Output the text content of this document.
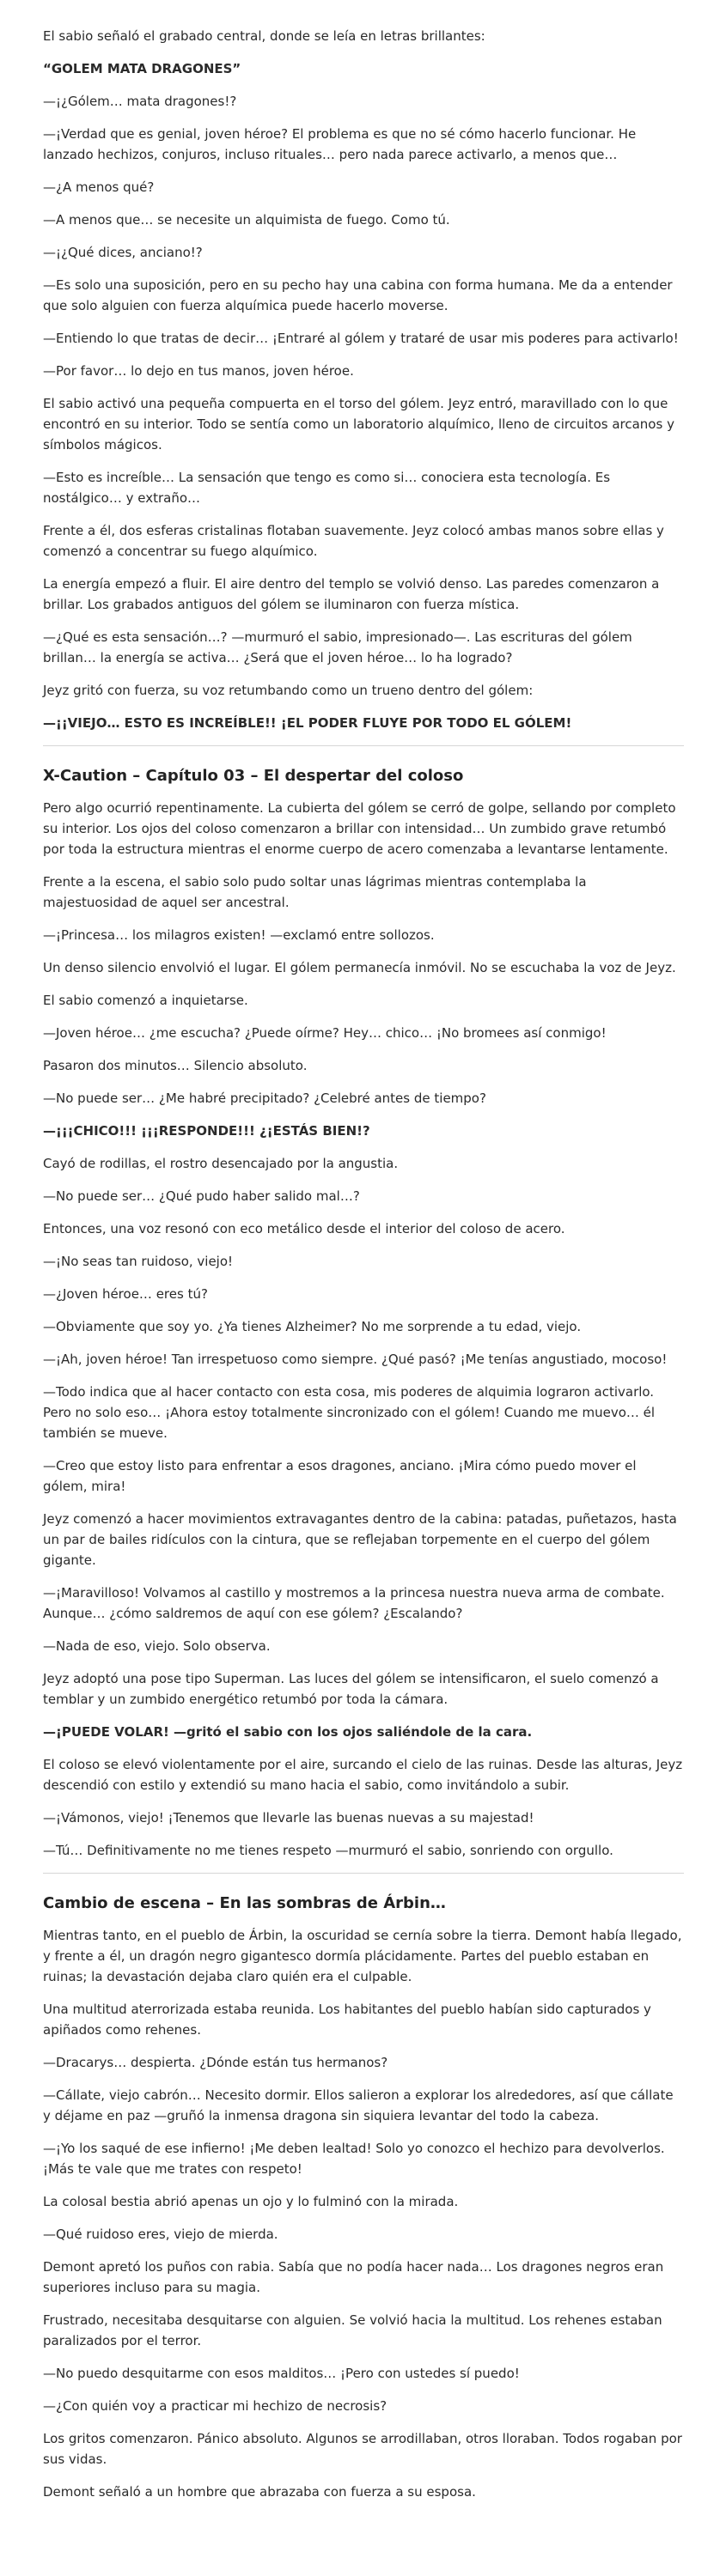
El sabio señaló el grabado central, donde se leía en letras brillantes:

“GOLEM MATA DRAGONES”

—¡¿Gólem… mata dragones!?

—¡Verdad que es genial, joven héroe? El problema es que no sé cómo hacerlo funcionar. He lanzado hechizos, conjuros, incluso rituales… pero nada parece activarlo, a menos que…

—¿A menos qué?

—A menos que… se necesite un alquimista de fuego. Como tú.

—¡¿Qué dices, anciano!?

—Es solo una suposición, pero en su pecho hay una cabina con forma humana. Me da a entender que solo alguien con fuerza alquímica puede hacerlo moverse.

—Entiendo lo que tratas de decir… ¡Entraré al gólem y trataré de usar mis poderes para activarlo!

—Por favor… lo dejo en tus manos, joven héroe.

El sabio activó una pequeña compuerta en el torso del gólem. Jeyz entró, maravillado con lo que encontró en su interior. Todo se sentía como un laboratorio alquímico, lleno de circuitos arcanos y símbolos mágicos.

—Esto es increíble… La sensación que tengo es como si… conociera esta tecnología. Es nostálgico… y extraño…

Frente a él, dos esferas cristalinas flotaban suavemente. Jeyz colocó ambas manos sobre ellas y comenzó a concentrar su fuego alquímico.

La energía empezó a fluir. El aire dentro del templo se volvió denso. Las paredes comenzaron a brillar. Los grabados antiguos del gólem se iluminaron con fuerza mística.

—¿Qué es esta sensación…? —murmuró el sabio, impresionado—. Las escrituras del gólem brillan… la energía se activa… ¿Será que el joven héroe… lo ha logrado?

Jeyz gritó con fuerza, su voz retumbando como un trueno dentro del gólem:

—¡¡VIEJO… ESTO ES INCREÍBLE!! ¡EL PODER FLUYE POR TODO EL GÓLEM!

X-Caution – Capítulo 03 – El despertar del coloso

Pero algo ocurrió repentinamente. La cubierta del gólem se cerró de golpe, sellando por completo su interior. Los ojos del coloso comenzaron a brillar con intensidad… Un zumbido grave retumbó por toda la estructura mientras el enorme cuerpo de acero comenzaba a levantarse lentamente.

Frente a la escena, el sabio solo pudo soltar unas lágrimas mientras contemplaba la majestuosidad de aquel ser ancestral.

—¡Princesa… los milagros existen! —exclamó entre sollozos.

Un denso silencio envolvió el lugar. El gólem permanecía inmóvil. No se escuchaba la voz de Jeyz.

El sabio comenzó a inquietarse.

—Joven héroe… ¿me escucha? ¿Puede oírme? Hey… chico… ¡No bromees así conmigo!

Pasaron dos minutos… Silencio absoluto.

—No puede ser… ¿Me habré precipitado? ¿Celebré antes de tiempo?

—¡¡¡CHICO!!! ¡¡¡RESPONDE!!! ¿¡ESTÁS BIEN!?

Cayó de rodillas, el rostro desencajado por la angustia.

—No puede ser… ¿Qué pudo haber salido mal…?

Entonces, una voz resonó con eco metálico desde el interior del coloso de acero.

—¡No seas tan ruidoso, viejo!

—¿Joven héroe… eres tú?

—Obviamente que soy yo. ¿Ya tienes Alzheimer? No me sorprende a tu edad, viejo.

—¡Ah, joven héroe! Tan irrespetuoso como siempre. ¿Qué pasó? ¡Me tenías angustiado, mocoso!

—Todo indica que al hacer contacto con esta cosa, mis poderes de alquimia lograron activarlo. Pero no solo eso… ¡Ahora estoy totalmente sincronizado con el gólem! Cuando me muevo… él también se mueve.

—Creo que estoy listo para enfrentar a esos dragones, anciano. ¡Mira cómo puedo mover el gólem, mira!

Jeyz comenzó a hacer movimientos extravagantes dentro de la cabina: patadas, puñetazos, hasta un par de bailes ridículos con la cintura, que se reflejaban torpemente en el cuerpo del gólem gigante.

—¡Maravilloso! Volvamos al castillo y mostremos a la princesa nuestra nueva arma de combate. Aunque… ¿cómo saldremos de aquí con ese gólem? ¿Escalando?

—Nada de eso, viejo. Solo observa.

Jeyz adoptó una pose tipo Superman. Las luces del gólem se intensificaron, el suelo comenzó a temblar y un zumbido energético retumbó por toda la cámara.

—¡PUEDE VOLAR! —gritó el sabio con los ojos saliéndole de la cara.

El coloso se elevó violentamente por el aire, surcando el cielo de las ruinas. Desde las alturas, Jeyz descendió con estilo y extendió su mano hacia el sabio, como invitándolo a subir.

—¡Vámonos, viejo! ¡Tenemos que llevarle las buenas nuevas a su majestad!

—Tú… Definitivamente no me tienes respeto —murmuró el sabio, sonriendo con orgullo.

Cambio de escena – En las sombras de Árbin…

Mientras tanto, en el pueblo de Árbin, la oscuridad se cernía sobre la tierra. Demont había llegado, y frente a él, un dragón negro gigantesco dormía plácidamente. Partes del pueblo estaban en ruinas; la devastación dejaba claro quién era el culpable.

Una multitud aterrorizada estaba reunida. Los habitantes del pueblo habían sido capturados y apiñados como rehenes.

—Dracarys… despierta. ¿Dónde están tus hermanos?

—Cállate, viejo cabrón… Necesito dormir. Ellos salieron a explorar los alrededores, así que cállate y déjame en paz —gruñó la inmensa dragona sin siquiera levantar del todo la cabeza.

—¡Yo los saqué de ese infierno! ¡Me deben lealtad! Solo yo conozco el hechizo para devolverlos. ¡Más te vale que me trates con respeto!

La colosal bestia abrió apenas un ojo y lo fulminó con la mirada.

—Qué ruidoso eres, viejo de mierda.

Demont apretó los puños con rabia. Sabía que no podía hacer nada… Los dragones negros eran superiores incluso para su magia.

Frustrado, necesitaba desquitarse con alguien. Se volvió hacia la multitud. Los rehenes estaban paralizados por el terror.

—No puedo desquitarme con esos malditos… ¡Pero con ustedes sí puedo!

—¿Con quién voy a practicar mi hechizo de necrosis?

Los gritos comenzaron. Pánico absoluto. Algunos se arrodillaban, otros lloraban. Todos rogaban por sus vidas.

Demont señaló a un hombre que abrazaba con fuerza a su esposa.
